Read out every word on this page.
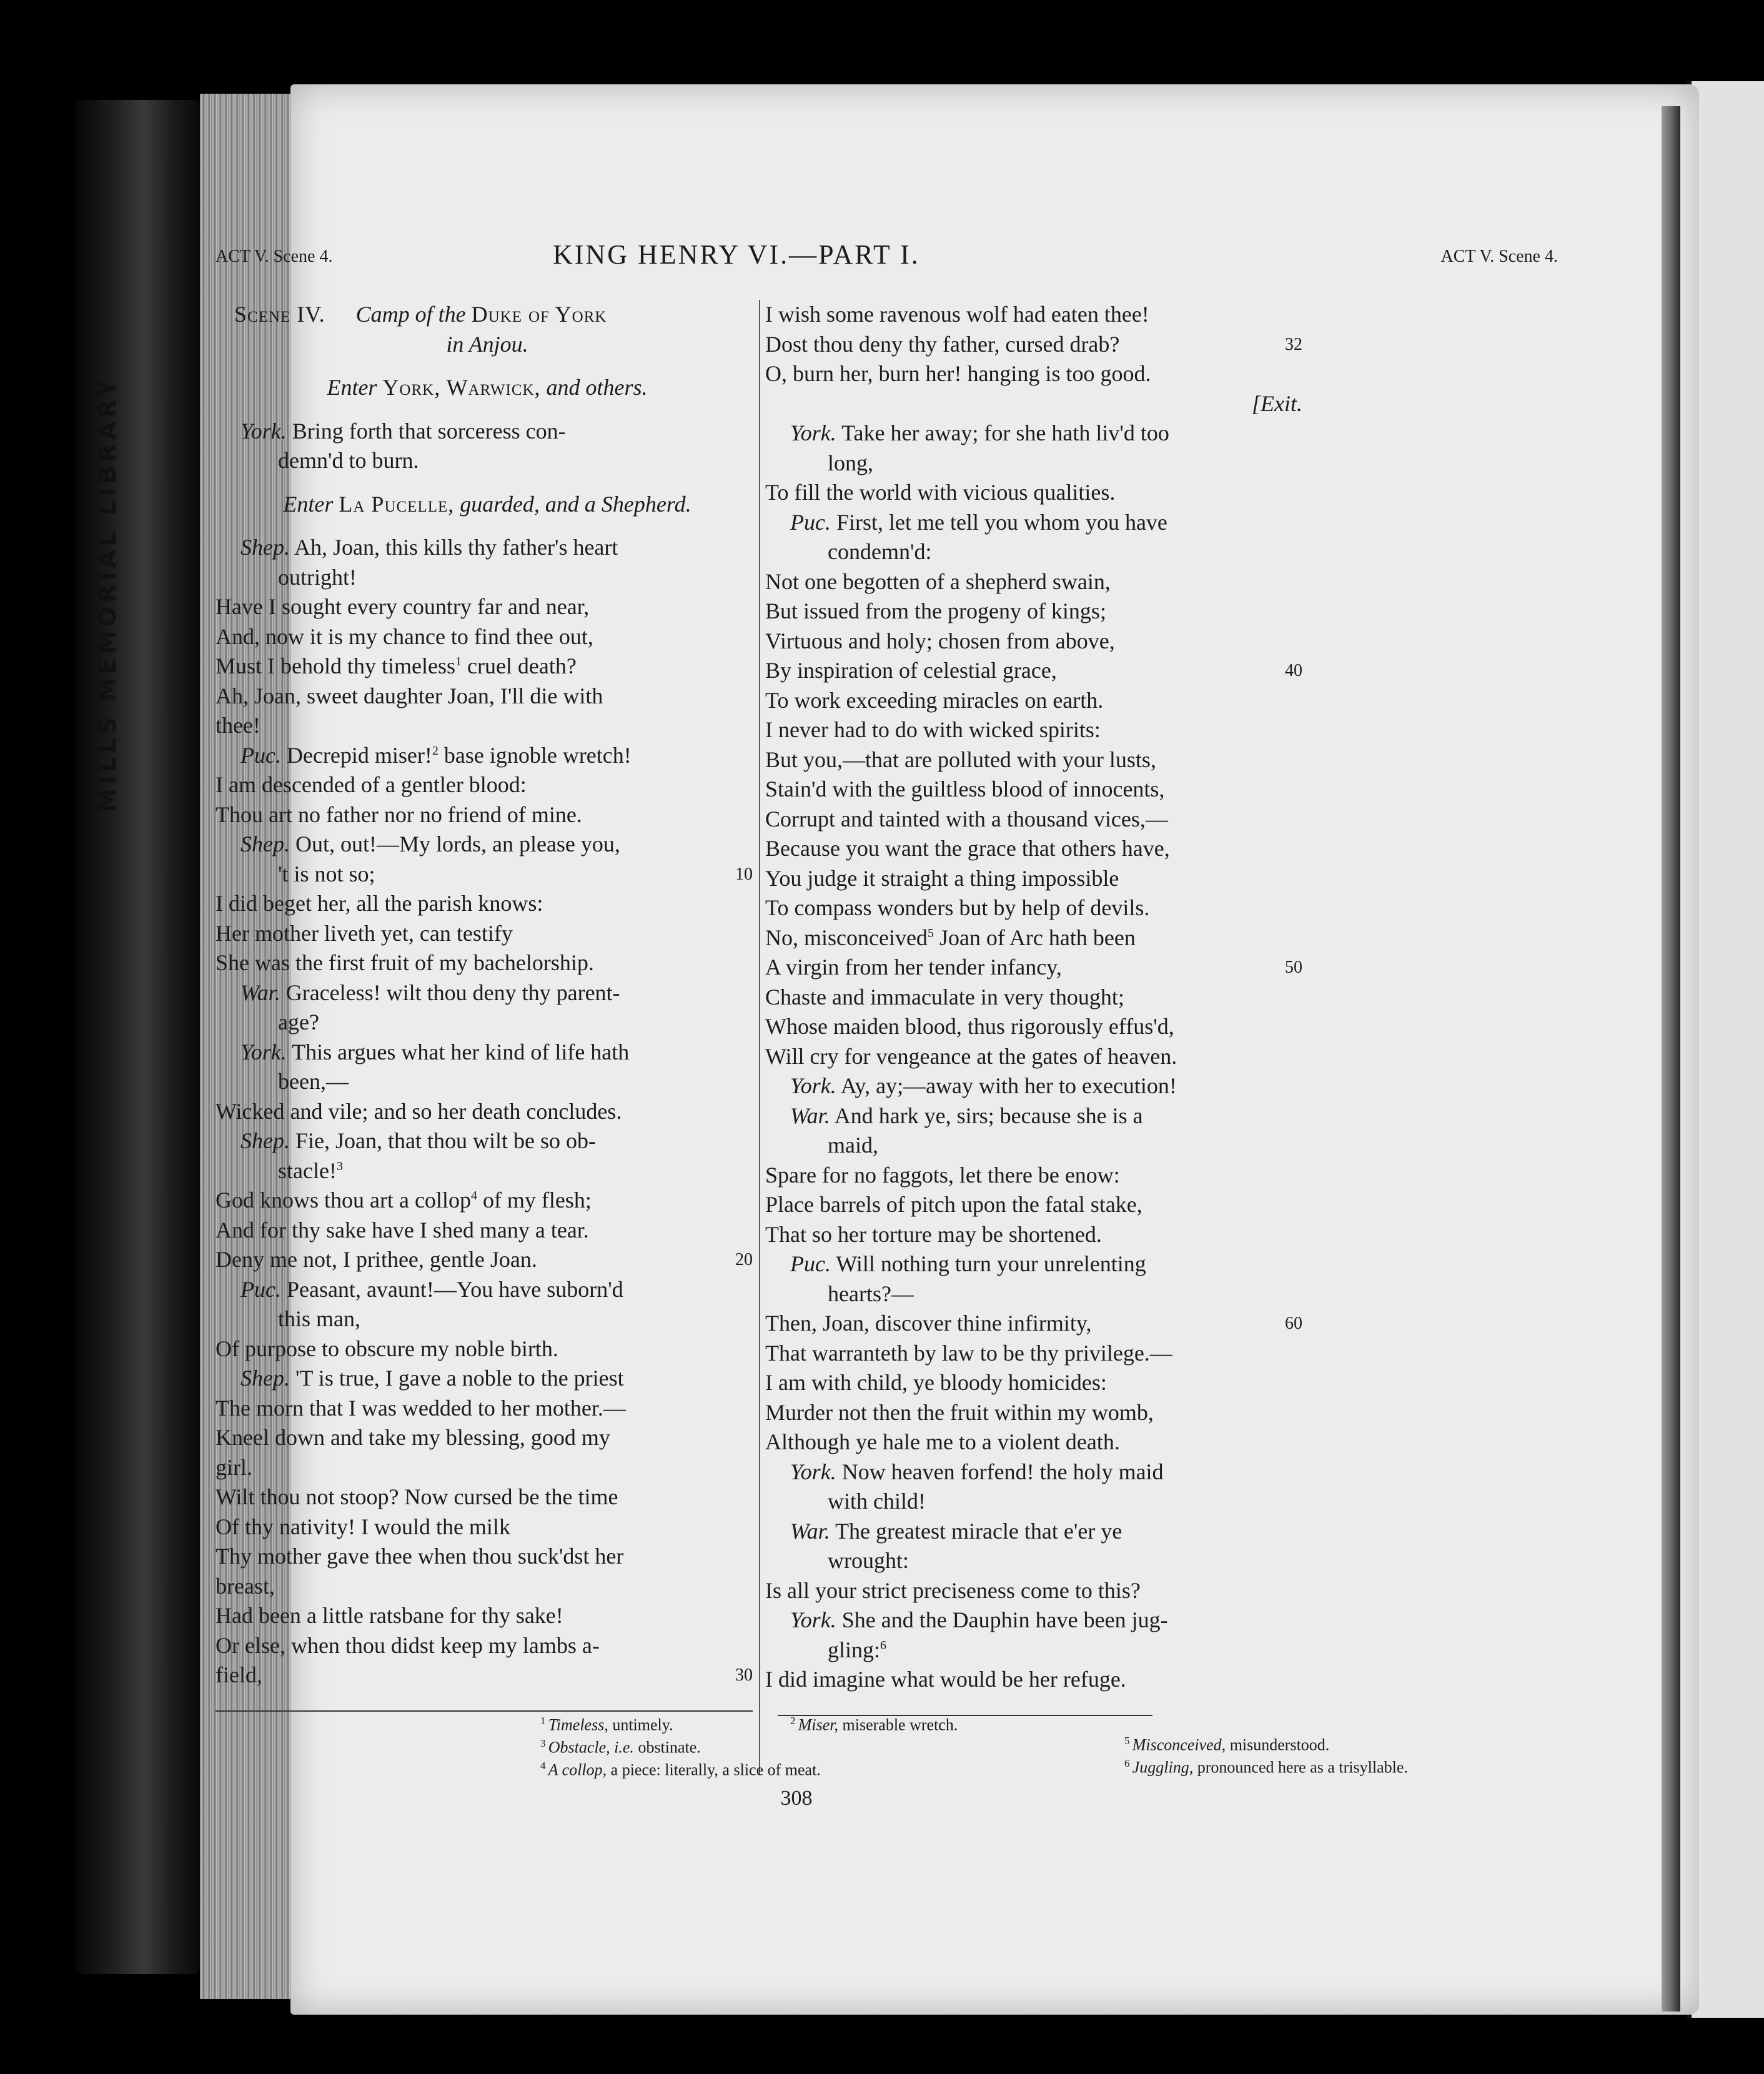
MILLS MEMORIAL LIBRARY
ACT V. Scene 4.	KING HENRY VI.—PART I.	ACT V. Scene 4.
Scene IV. Camp of the Duke of York
in Anjou.
Enter York, Warwick, and others.
York. Bring forth that sorceress con-
demn'd to burn.
Enter La Pucelle, guarded, and a Shepherd.
Shep. Ah, Joan, this kills thy father's heart
outright!
Have I sought every country far and near,
And, now it is my chance to find thee out,
Must I behold thy timeless$^1$ cruel death?
Ah, Joan, sweet daughter Joan, I'll die with
thee!
Puc. Decrepid miser!$^2$ base ignoble wretch!
I am descended of a gentler blood:
Thou art no father nor no friend of mine.
Shep. Out, out!—My lords, an please you,
't is not so;	10
I did beget her, all the parish knows:
Her mother liveth yet, can testify
She was the first fruit of my bachelorship.
War. Graceless! wilt thou deny thy parent-
age?
York. This argues what her kind of life hath
been,—
Wicked and vile; and so her death concludes.
Shep. Fie, Joan, that thou wilt be so ob-
stacle!$^3$
God knows thou art a collop$^4$ of my flesh;
And for thy sake have I shed many a tear.
Deny me not, I prithee, gentle Joan.	20
Puc. Peasant, avaunt!—You have suborn'd
this man,
Of purpose to obscure my noble birth.
Shep. 'T is true, I gave a noble to the priest
The morn that I was wedded to her mother.—
Kneel down and take my blessing, good my
girl.
Wilt thou not stoop? Now cursed be the time
Of thy nativity! I would the milk
Thy mother gave thee when thou suck'dst her
breast,
Had been a little ratsbane for thy sake!
Or else, when thou didst keep my lambs a-
field,	30
I wish some ravenous wolf had eaten thee!
Dost thou deny thy father, cursed drab?	32
O, burn her, burn her! hanging is too good.
[Exit.
York. Take her away; for she hath liv'd too
long,
To fill the world with vicious qualities.
Puc. First, let me tell you whom you have
condemn'd:
Not one begotten of a shepherd swain,
But issued from the progeny of kings;
Virtuous and holy; chosen from above,
By inspiration of celestial grace,	40
To work exceeding miracles on earth.
I never had to do with wicked spirits:
But you,—that are polluted with your lusts,
Stain'd with the guiltless blood of innocents,
Corrupt and tainted with a thousand vices,—
Because you want the grace that others have,
You judge it straight a thing impossible
To compass wonders but by help of devils.
No, misconceived$^5$ Joan of Arc hath been
A virgin from her tender infancy,	50
Chaste and immaculate in very thought;
Whose maiden blood, thus rigorously effus'd,
Will cry for vengeance at the gates of heaven.
York. Ay, ay;—away with her to execution!
War. And hark ye, sirs; because she is a
maid,
Spare for no faggots, let there be enow:
Place barrels of pitch upon the fatal stake,
That so her torture may be shortened.
Puc. Will nothing turn your unrelenting
hearts?—
Then, Joan, discover thine infirmity,	60
That warranteth by law to be thy privilege.—
I am with child, ye bloody homicides:
Murder not then the fruit within my womb,
Although ye hale me to a violent death.
York. Now heaven forfend! the holy maid
with child!
War. The greatest miracle that e'er ye
wrought:
Is all your strict preciseness come to this?
York. She and the Dauphin have been jug-
gling:$^6$
I did imagine what would be her refuge.
$^1$ Timeless, untimely.	$^2$ Miser, miserable wretch.
$^3$ Obstacle, i.e. obstinate.
$^4$ A collop, a piece: literally, a slice of meat.
$^5$ Misconceived, misunderstood.
$^6$ Juggling, pronounced here as a trisyllable.
308
